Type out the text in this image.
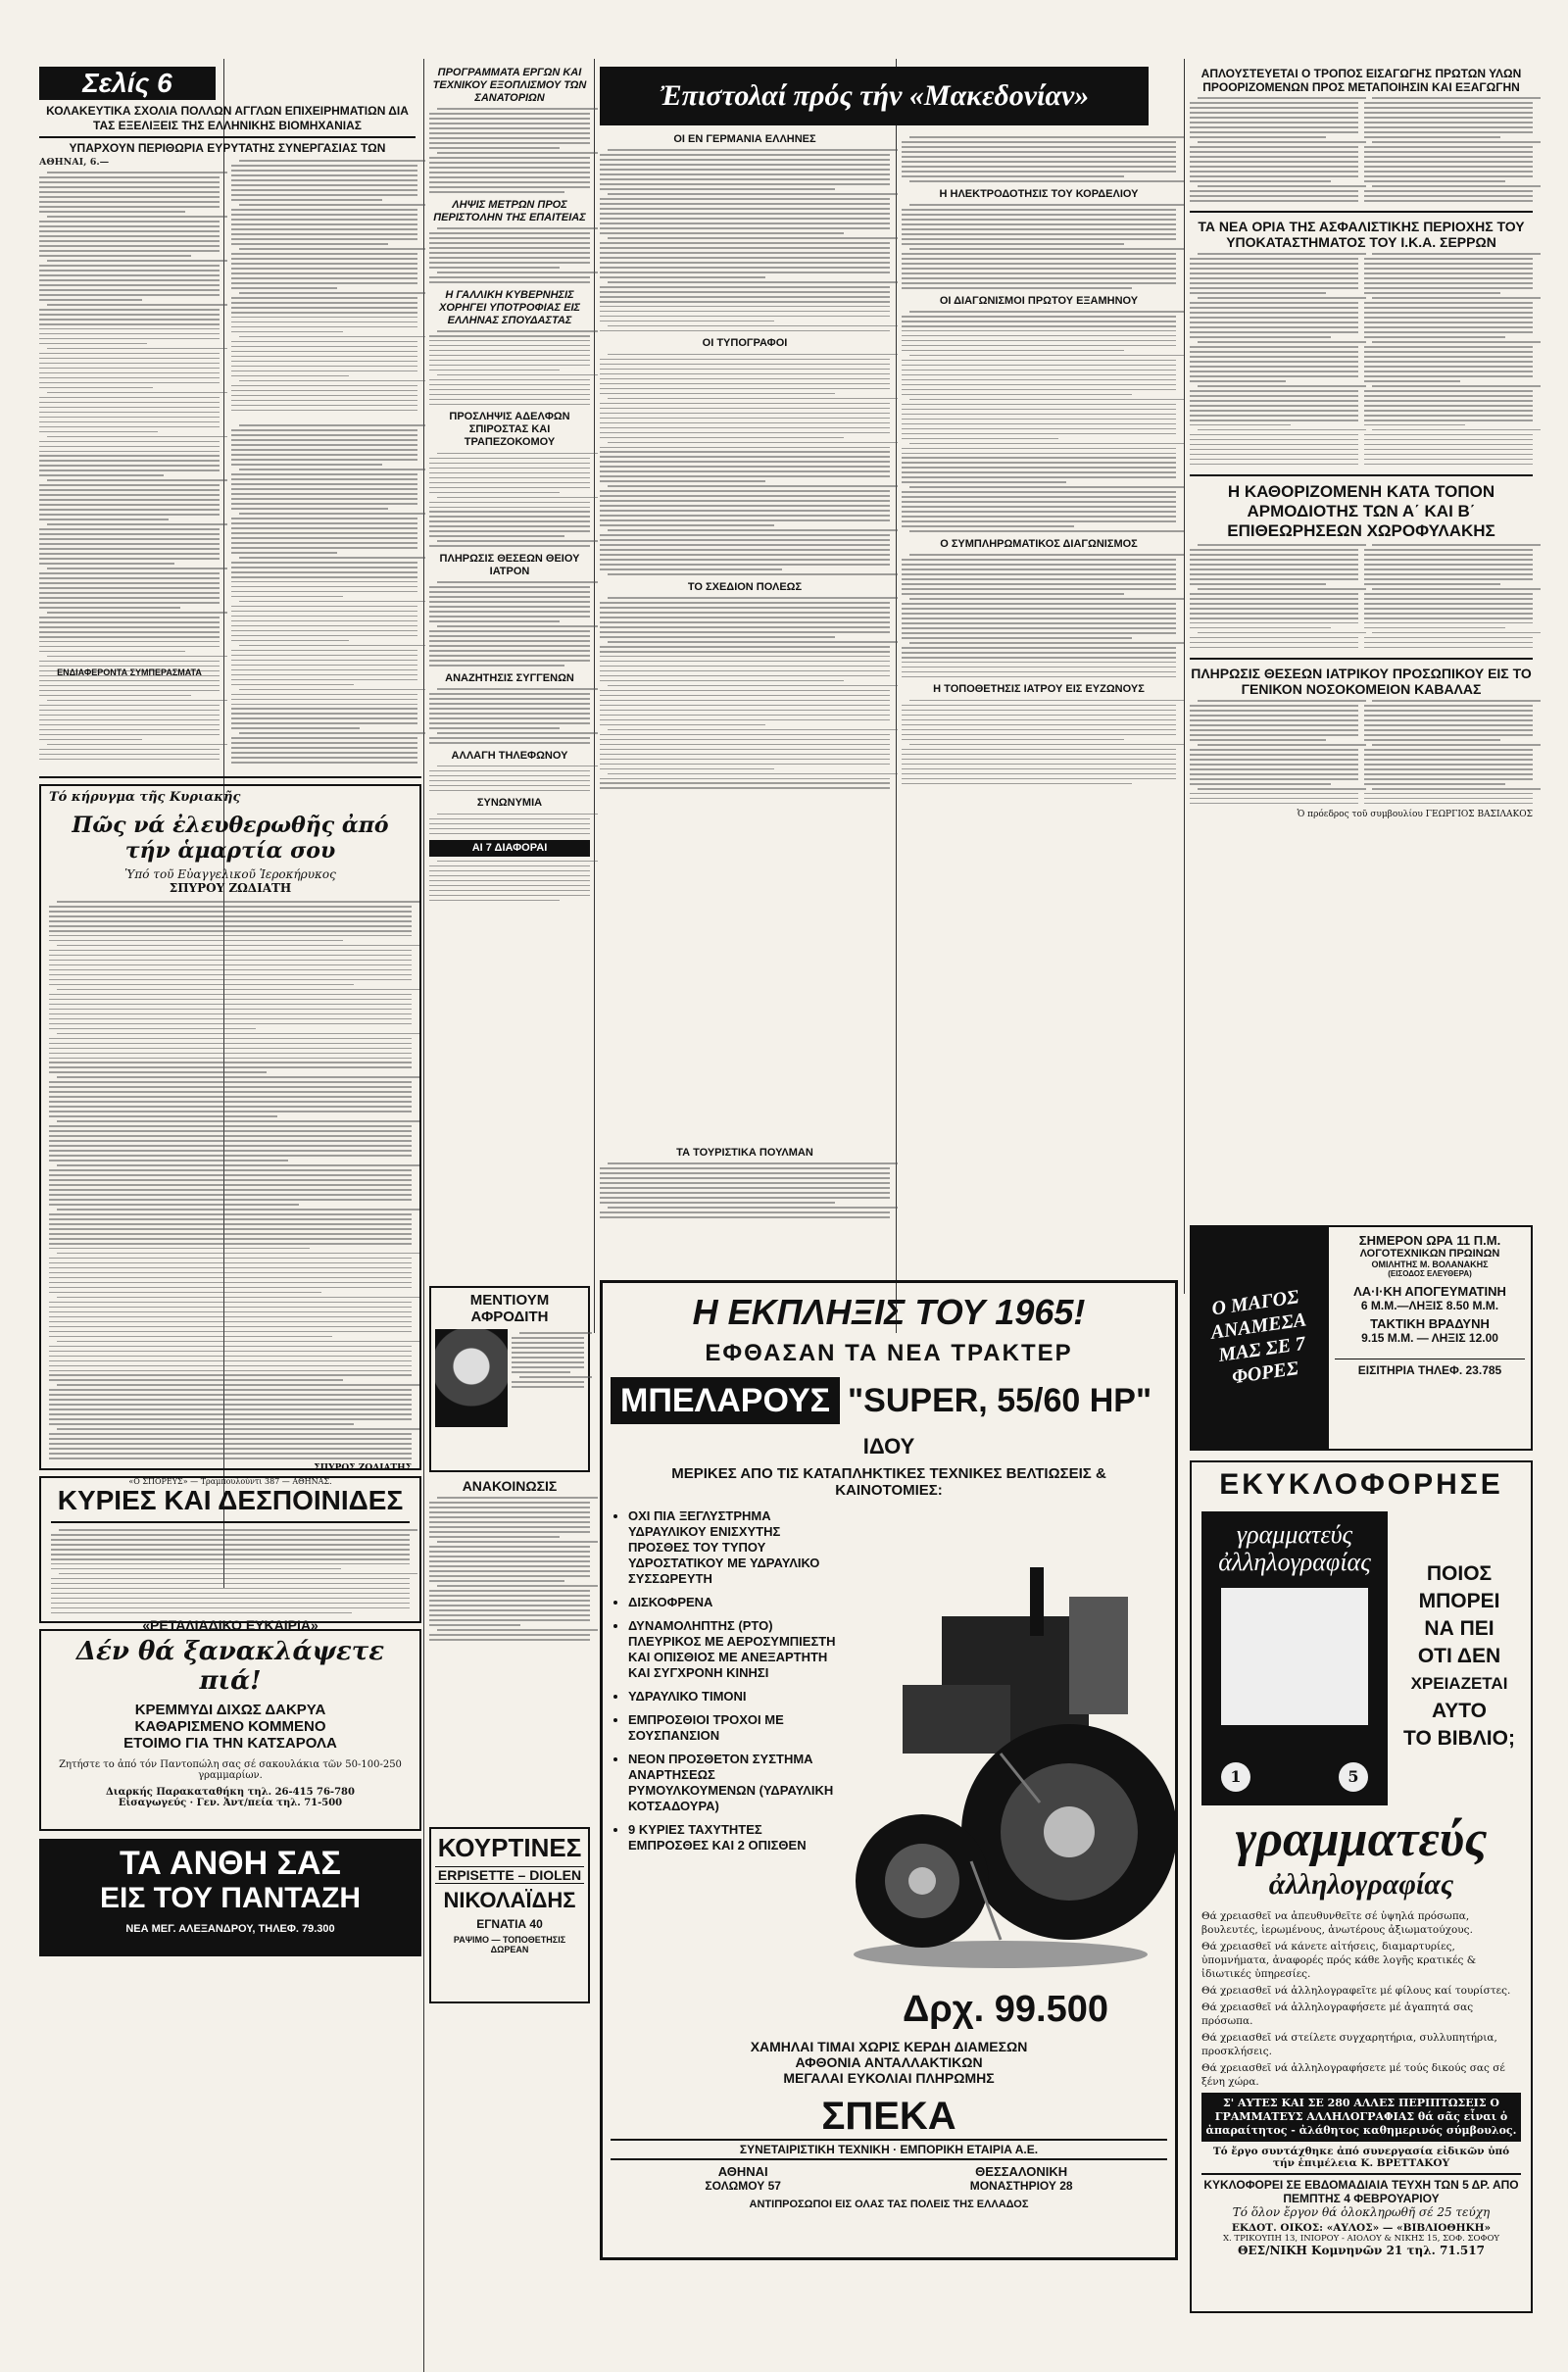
Σελίς 6
ΚΟΛΑΚΕΥΤΙΚΑ ΣΧΟΛΙΑ ΠΟΛΛΩΝ ΑΓΓΛΩΝ ΕΠΙΧΕΙΡΗΜΑΤΙΩΝ ΔΙΑ ΤΑΣ ΕΞΕΛΙΞΕΙΣ ΤΗΣ ΕΛΛΗΝΙΚΗΣ ΒΙΟΜΗΧΑΝΙΑΣ
ΥΠΑΡΧΟΥΝ ΠΕΡΙΘΩΡΙΑ ΕΥΡΥΤΑΤΗΣ ΣΥΝΕΡΓΑΣΙΑΣ ΤΩΝ

ΑΘΗΝΑΙ, 6.—

ΕΝΔΙΑΦΕΡΟΝΤΑ ΣΥΜΠΕΡΑΣΜΑΤΑ
Τό κήρυγμα τῆς Κυριακῆς
Πῶς νά ἐλευθερωθῆς ἀπό τήν ἁμαρτία σου
Ὑπό τοῦ Εὐαγγελικοῦ Ἱεροκήρυκος
ΣΠΥΡΟΥ ΖΩΔΙΑΤΗ
ΣΠΥΡΟΣ ΖΩΔΙΑΤΗΣ
«Ο ΣΠΟΡΕΥΣ» — Τραμπουλούντι 387 — ΑΘΗΝΑΣ.
ΚΥΡΙΕΣ ΚΑΙ ΔΕΣΠΟΙΝΙΔΕΣ
«ΡΕΤΑΛΙΑΔΙΚΟ ΕΥΚΑΙΡΙΑ»
Δέν θά ξανακλάψετε πιά!
ΚΡΕΜΜΥΔΙ ΔΙΧΩΣ ΔΑΚΡΥΑ
ΚΑΘΑΡΙΣΜΕΝΟ ΚΟΜΜΕΝΟ
ΕΤΟΙΜΟ ΓΙΑ ΤΗΝ ΚΑΤΣΑΡΟΛΑ
Ζητήστε το ἀπό τόν Παντοπώλη σας σέ σακουλάκια τῶν 50-100-250 γραμμαρίων.
Διαρκής Παρακαταθήκη τηλ. 26-415 76-780
Εἰσαγωγεύς · Γεν. Ἀντ/πεία τηλ. 71-500
ΤΑ ΑΝΘΗ ΣΑΣ
ΕΙΣ ΤΟΥ ΠΑΝΤΑΖΗ
ΝΕΑ ΜΕΓ. ΑΛΕΞΑΝΔΡΟΥ, ΤΗΛΕΦ. 79.300
ΠΡΟΓΡΑΜΜΑΤΑ ΕΡΓΩΝ ΚΑΙ ΤΕΧΝΙΚΟΥ ΕΞΟΠΛΙΣΜΟΥ ΤΩΝ ΣΑΝΑΤΟΡΙΩΝ
ΛΗΨΙΣ ΜΕΤΡΩΝ ΠΡΟΣ ΠΕΡΙΣΤΟΛΗΝ ΤΗΣ ΕΠΑΙΤΕΙΑΣ
Η ΓΑΛΛΙΚΗ ΚΥΒΕΡΝΗΣΙΣ ΧΟΡΗΓΕΙ ΥΠΟΤΡΟΦΙΑΣ ΕΙΣ ΕΛΛΗΝΑΣ ΣΠΟΥΔΑΣΤΑΣ
ΠΡΟΣΛΗΨΙΣ ΑΔΕΛΦΩΝ ΣΠΙΡΟΣΤΑΣ ΚΑΙ ΤΡΑΠΕΖΟΚΟΜΟΥ
ΠΛΗΡΩΣΙΣ ΘΕΣΕΩΝ ΘΕΙΟΥ ΙΑΤΡΟΝ
ΑΝΑΖΗΤΗΣΙΣ ΣΥΓΓΕΝΩΝ
ΑΛΛΑΓΗ ΤΗΛΕΦΩΝΟΥ
ΣΥΝΩΝΥΜΙΑ
ΑΙ 7 ΔΙΑΦΟΡΑΙ
ΜΕΝΤΙΟΥΜ
ΑΦΡΟΔΙΤΗ
ΑΝΑΚΟΙΝΩΣΙΣ
ΚΟΥΡΤΙΝΕΣ
ERPISETTE – DIOLEN
ΝΙΚΟΛΑΪΔΗΣ
ΕΓΝΑΤΙΑ 40
ΡΑΨΙΜΟ — ΤΟΠΟΘΕΤΗΣΙΣ ΔΩΡΕΑΝ
Ἐπιστολαί πρός τήν «Μακεδονίαν»
ΟΙ ΕΝ ΓΕΡΜΑΝΙΑ ΕΛΛΗΝΕΣ
ΟΙ ΤΥΠΟΓΡΑΦΟΙ
ΤΟ ΣΧΕΔΙΟΝ ΠΟΛΕΩΣ
Η ΗΛΕΚΤΡΟΔΟΤΗΣΙΣ ΤΟΥ ΚΟΡΔΕΛΙΟΥ
ΟΙ ΔΙΑΓΩΝΙΣΜΟΙ ΠΡΩΤΟΥ ΕΞΑΜΗΝΟΥ
Ο ΣΥΜΠΛΗΡΩΜΑΤΙΚΟΣ ΔΙΑΓΩΝΙΣΜΟΣ
Η ΤΟΠΟΘΕΤΗΣΙΣ ΙΑΤΡΟΥ ΕΙΣ ΕΥΖΩΝΟΥΣ
ΤΑ ΤΟΥΡΙΣΤΙΚΑ ΠΟΥΛΜΑΝ
Η ΕΚΠΛΗΞΙΣ ΤΟΥ 1965!
ΕΦΘΑΣΑΝ ΤΑ ΝΕΑ ΤΡΑΚΤΕΡ
ΜΠΕΛΑΡΟΥΣ "SUPER, 55/60 HP"
ΙΔΟΥ
ΜΕΡΙΚΕΣ ΑΠΟ ΤΙΣ ΚΑΤΑΠΛΗΚΤΙΚΕΣ ΤΕΧΝΙΚΕΣ ΒΕΛΤΙΩΣΕΙΣ & ΚΑΙΝΟΤΟΜΙΕΣ:
• ΟΧΙ ΠΙΑ ΞΕΓΛΥΣΤΡΗΜΑ ΥΔΡΑΥΛΙΚΟΥ ΕΝΙΣΧΥΤΗΣ ΠΡΟΣΘΕΣ ΤΟΥ ΤΥΠΟΥ ΥΔΡΟΣΤΑΤΙΚΟΥ ΜΕ ΥΔΡΑΥΛΙΚΟ ΣΥΣΣΩΡΕΥΤΗ
• ΔΙΣΚΟΦΡΕΝΑ
• ΔΥΝΑΜΟΛΗΠΤΗΣ (PTO) ΠΛΕΥΡΙΚΟΣ ΜΕ ΑΕΡΟΣΥΜΠΙΕΣΤΗ ΚΑΙ ΟΠΙΣΘΙΟΣ ΜΕ ΑΝΕΞΑΡΤΗΤΗ ΚΑΙ ΣΥΓΧΡΟΝΗ ΚΙΝΗΣΙ
• ΥΔΡΑΥΛΙΚΟ ΤΙΜΟΝΙ
• ΕΜΠΡΟΣΘΙΟΙ ΤΡΟΧΟΙ ΜΕ ΣΟΥΣΠΑΝΣΙΟΝ
• ΝΕΟΝ ΠΡΟΣΘΕΤΟΝ ΣΥΣΤΗΜΑ ΑΝΑΡΤΗΣΕΩΣ ΡΥΜΟΥΛΚΟΥΜΕΝΩΝ (ΥΔΡΑΥΛΙΚΗ ΚΟΤΣΑΔΟΥΡΑ)
• 9 ΚΥΡΙΕΣ ΤΑΧΥΤΗΤΕΣ ΕΜΠΡΟΣΘΕΣ ΚΑΙ 2 ΟΠΙΣΘΕΝ
Δρχ. 99.500
ΧΑΜΗΛΑΙ ΤΙΜΑΙ ΧΩΡΙΣ ΚΕΡΔΗ ΔΙΑΜΕΣΩΝ
ΑΦΘΟΝΙΑ ΑΝΤΑΛΛΑΚΤΙΚΩΝ
ΜΕΓΑΛΑΙ ΕΥΚΟΛΙΑΙ ΠΛΗΡΩΜΗΣ
ΣΠΕΚΑ
ΣΥΝΕΤΑΙΡΙΣΤΙΚΗ ΤΕΧΝΙΚΗ · ΕΜΠΟΡΙΚΗ ΕΤΑΙΡΙΑ Α.Ε.
ΑΘΗΝΑΙ
ΣΟΛΩΜΟΥ 57
ΘΕΣΣΑΛΟΝΙΚΗ
ΜΟΝΑΣΤΗΡΙΟΥ 28
ΑΝΤΙΠΡΟΣΩΠΟΙ ΕΙΣ ΟΛΑΣ ΤΑΣ ΠΟΛΕΙΣ ΤΗΣ ΕΛΛΑΔΟΣ
ΑΠΛΟΥΣΤΕΥΕΤΑΙ Ο ΤΡΟΠΟΣ ΕΙΣΑΓΩΓΗΣ ΠΡΩΤΩΝ ΥΛΩΝ ΠΡΟΟΡΙΖΟΜΕΝΩΝ ΠΡΟΣ ΜΕΤΑΠΟΙΗΣΙΝ ΚΑΙ ΕΞΑΓΩΓΗΝ
ΤΑ ΝΕΑ ΟΡΙΑ ΤΗΣ ΑΣΦΑΛΙΣΤΙΚΗΣ ΠΕΡΙΟΧΗΣ ΤΟΥ ΥΠΟΚΑΤΑΣΤΗΜΑΤΟΣ ΤΟΥ Ι.Κ.Α. ΣΕΡΡΩΝ
Η ΚΑΘΟΡΙΖΟΜΕΝΗ ΚΑΤΑ ΤΟΠΟΝ ΑΡΜΟΔΙΟΤΗΣ ΤΩΝ Α΄ ΚΑΙ Β΄ ΕΠΙΘΕΩΡΗΣΕΩΝ ΧΩΡΟΦΥΛΑΚΗΣ
ΠΛΗΡΩΣΙΣ ΘΕΣΕΩΝ ΙΑΤΡΙΚΟΥ ΠΡΟΣΩΠΙΚΟΥ ΕΙΣ ΤΟ ΓΕΝΙΚΟΝ ΝΟΣΟΚΟΜΕΙΟΝ ΚΑΒΑΛΑΣ
Ὁ πρόεδρος τοῦ συμβουλίου ΓΕΩΡΓΙΟΣ ΒΑΣΙΛΑΚΟΣ
Ο ΜΑΓΟΣ ΑΝΑΜΕΣΑ ΜΑΣ ΣΕ 7 ΦΟΡΕΣ
ΣΗΜΕΡΟΝ ΩΡΑ 11 Π.Μ.
ΛΟΓΟΤΕΧΝΙΚΩΝ ΠΡΩΙΝΩΝ
ΟΜΙΛΗΤΗΣ Μ. ΒΟΛΑΝΑΚΗΣ
(ΕΙΣΟΔΟΣ ΕΛΕΥΘΕΡΑ)
ΛΑ·Ι·ΚΗ ΑΠΟΓΕΥΜΑΤΙΝΗ
6 Μ.Μ.—ΛΗΞΙΣ 8.50 Μ.Μ.
ΤΑΚΤΙΚΗ ΒΡΑΔΥΝΗ
9.15 Μ.Μ. — ΛΗΞΙΣ 12.00
ΕΙΣΙΤΗΡΙΑ ΤΗΛΕΦ. 23.785
ΕΚΥΚΛΟΦΟΡΗΣΕ
γραμματεύς ἀλληλογραφίας
1	5
ΠΟΙΟΣ
ΜΠΟΡΕΙ
ΝΑ ΠΕΙ
ΟΤΙ ΔΕΝ
ΧΡΕΙΑΖΕΤΑΙ
ΑΥΤΟ
ΤΟ ΒΙΒΛΙΟ;
γραμματεύς
ἀλληλογραφίας

Θά χρειασθεῖ να ἀπευθυνθεῖτε σέ ὑψηλά πρόσωπα, βουλευτές, ἱερωμένους, ἀνωτέρους ἀξιωματούχους.

Θά χρειασθεῖ νά κάνετε αἰτήσεις, διαμαρτυρίες, ὑπομνήματα, ἀναφορές πρός κάθε λογῆς κρατικές & ἰδιωτικές ὑπηρεσίες.

Θά χρειασθεῖ νά ἀλληλογραφεῖτε μέ φίλους καί τουρίστες.

Θά χρειασθεῖ νά ἀλληλογραφήσετε μέ ἀγαπητά σας πρόσωπα.

Θά χρειασθεῖ νά στείλετε συγχαρητήρια, συλλυπητήρια, προσκλήσεις.

Θά χρειασθεῖ νά ἀλληλογραφήσετε μέ τούς δικούς σας σέ ξένη χώρα.

Σ' ΑΥΤΕΣ ΚΑΙ ΣΕ 280 ΑΛΛΕΣ ΠΕΡΙΠΤΩΣΕΙΣ Ο ΓΡΑΜΜΑΤΕΥΣ ΑΛΛΗΛΟΓΡΑΦΙΑΣ θά σᾶς εἶναι ὁ ἀπαραίτητος - ἀλάθητος καθημερινός σύμβουλος.
Τό ἔργο συντάχθηκε ἀπό συνεργασία εἰδικῶν ὑπό τήν ἐπιμέλεια Κ. ΒΡΕΤΤΑΚΟΥ
ΚΥΚΛΟΦΟΡΕΙ ΣΕ ΕΒΔΟΜΑΔΙΑΙΑ ΤΕΥΧΗ ΤΩΝ 5 ΔΡ. ΑΠΟ ΠΕΜΠΤΗΣ 4 ΦΕΒΡΟΥΑΡΙΟΥ
Τό ὅλον ἔργον θά ὁλοκληρωθῆ σέ 25 τεύχη
ΕΚΔΟΤ. ΟΙΚΟΣ: «ΑΥΛΟΣ» — «ΒΙΒΛΙΟΘΗΚΗ»
Χ. ΤΡΙΚΟΥΠΗ 13, ΙΝΙΟΡΟΥ - ΑΙΟΛΟΥ & ΝΙΚΗΣ 15, ΣΟΦ. ΣΟΦΟΥ
ΘΕΣ/ΝΙΚΗ Κομνηνῶν 21 τηλ. 71.517
